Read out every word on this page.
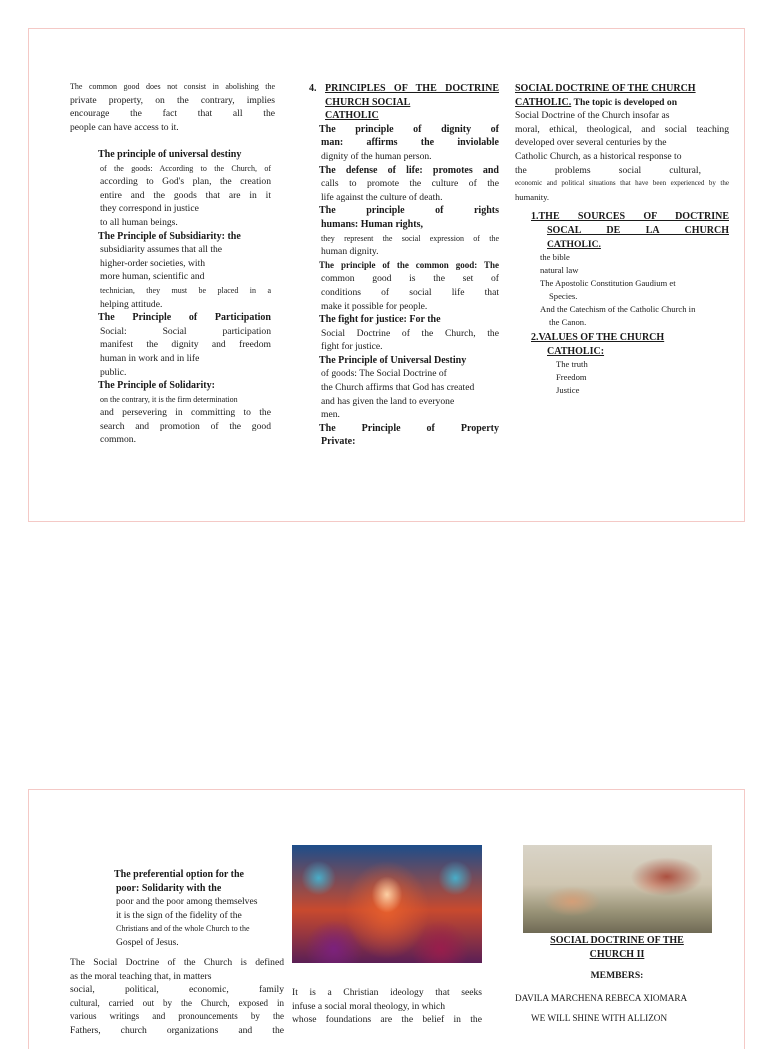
The common good does not consist in abolishing the
private property, on the contrary, implies
encourage the fact that all the
people can have access to it.
The principle of universal destiny
of the goods: According to the Church, of
according to God's plan, the creation
entire and the goods that are in it
they correspond in justice
to all human beings.
The Principle of Subsidiarity: the
subsidiarity assumes that all the
higher-order societies, with
more human, scientific and
technician, they must be placed in a
helping attitude.
The Principle of Participation
Social: Social participation
manifest the dignity and freedom
human in work and in life
public.
The Principle of Solidarity:
on the contrary, it is the firm determination
and persevering in committing to the
search and promotion of the good
common.
4. PRINCIPLES OF THE DOCTRINE
CHURCH SOCIAL
CATHOLIC
The principle of dignity of
man: affirms the inviolable
dignity of the human person.
The defense of life: promotes and
calls to promote the culture of the
life against the culture of death.
The principle of rights
humans: Human rights,
they represent the social expression of the
human dignity.
The principle of the common good: The
common good is the set of
conditions of social life that
make it possible for people.
The fight for justice: For the
Social Doctrine of the Church, the
fight for justice.
The Principle of Universal Destiny
of goods: The Social Doctrine of
the Church affirms that God has created
and has given the land to everyone
men.
The Principle of Property
Private:
SOCIAL DOCTRINE OF THE CHURCH
CATHOLIC. The topic is developed on
Social Doctrine of the Church insofar as
moral, ethical, theological, and social teaching
developed over several centuries by the
Catholic Church, as a historical response to
the problems social cultural,
economic and political situations that have been experienced by the
humanity.
1.THE SOURCES OF DOCTRINE
SOCAL DE LA CHURCH
CATHOLIC.
the bible
natural law
The Apostolic Constitution Gaudium et
Species.
And the Catechism of the Catholic Church in
the Canon.
2.VALUES OF THE CHURCH
CATHOLIC:
The truth
Freedom
Justice
The preferential option for the
poor: Solidarity with the
poor and the poor among themselves
it is the sign of the fidelity of the
Christians and of the whole Church to the
Gospel of Jesus.
The Social Doctrine of the Church is defined
as the moral teaching that, in matters
social, political, economic, family
cultural, carried out by the Church, exposed in
various writings and pronouncements by the
Fathers, church organizations and the
It is a Christian ideology that seeks
infuse a social moral theology, in which
whose foundations are the belief in the
SOCIAL DOCTRINE OF THE
CHURCH II
MEMBERS:
DAVILA MARCHENA REBECA XIOMARA
WE WILL SHINE WITH ALLIZON
